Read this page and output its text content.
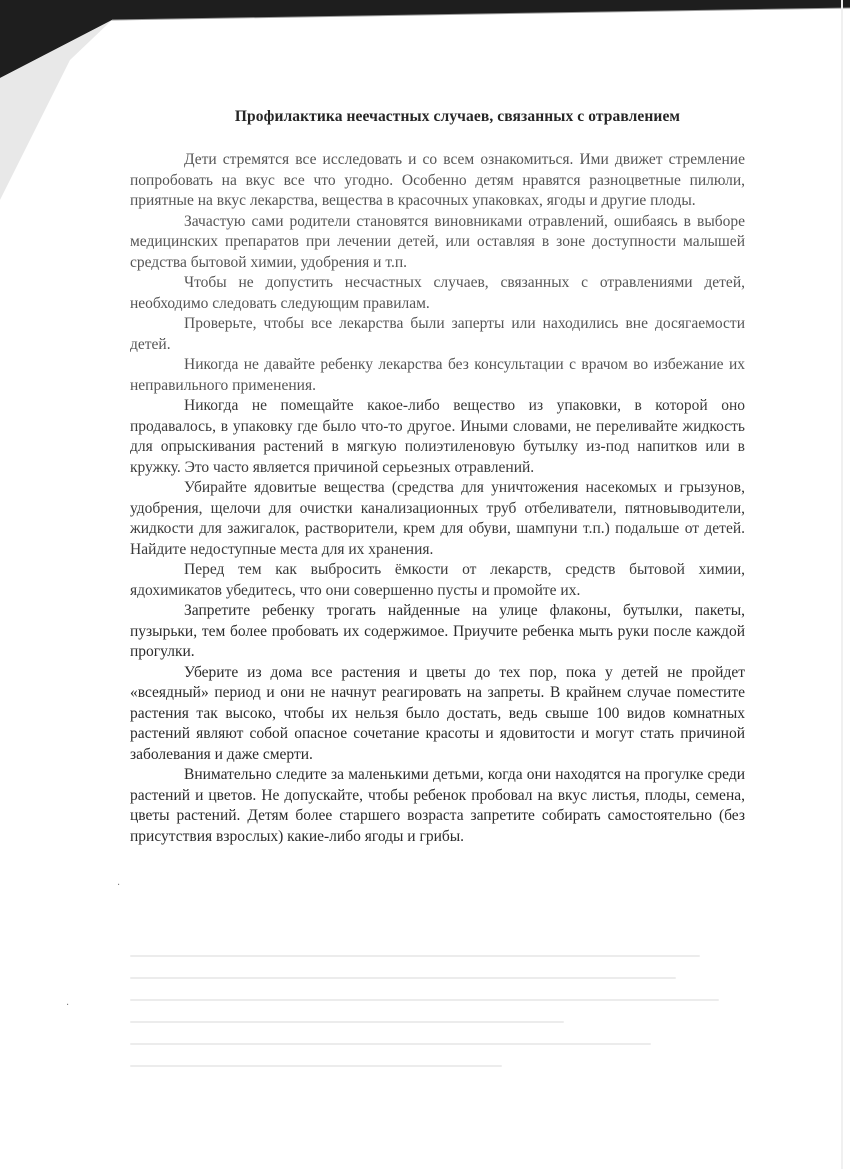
Профилактика неечастных случаев, связанных с отравлением

Дети стремятся все исследовать и со всем ознакомиться. Ими движет стремление попробовать на вкус все что угодно. Особенно детям нравятся разноцветные пилюли, приятные на вкус лекарства, вещества в красочных упаковках, ягоды и другие плоды.

Зачастую сами родители становятся виновниками отравлений, ошибаясь в выборе медицинских препаратов при лечении детей, или оставляя в зоне доступности малышей средства бытовой химии, удобрения и т.п.

Чтобы не допустить несчастных случаев, связанных с отравлениями детей, необходимо следовать следующим правилам.

Проверьте, чтобы все лекарства были заперты или находились вне досягаемости детей.

Никогда не давайте ребенку лекарства без консультации с врачом во избежание их неправильного применения.

Никогда не помещайте какое-либо вещество из упаковки, в которой оно продавалось, в упаковку где было что-то другое. Иными словами, не переливайте жидкость для опрыскивания растений в мягкую полиэтиленовую бутылку из-под напитков или в кружку. Это часто является причиной серьезных отравлений.

Убирайте ядовитые вещества (средства для уничтожения насекомых и грызунов, удобрения, щелочи для очистки канализационных труб отбеливатели, пятновыводители, жидкости для зажигалок, растворители, крем для обуви, шампуни т.п.) подальше от детей. Найдите недоступные места для их хранения.

Перед тем как выбросить ёмкости от лекарств, средств бытовой химии, ядохимикатов убедитесь, что они совершенно пусты и промойте их.

Запретите ребенку трогать найденные на улице флаконы, бутылки, пакеты, пузырьки, тем более пробовать их содержимое. Приучите ребенка мыть руки после каждой прогулки.

Уберите из дома все растения и цветы до тех пор, пока у детей не пройдет «всеядный» период и они не начнут реагировать на запреты. В крайнем случае поместите растения так высоко, чтобы их нельзя было достать, ведь свыше 100 видов комнатных растений являют собой опасное сочетание красоты и ядовитости и могут стать причиной заболевания и даже смерти.

Внимательно следите за маленькими детьми, когда они находятся на прогулке среди растений и цветов. Не допускайте, чтобы ребенок пробовал на вкус листья, плоды, семена, цветы растений. Детям более старшего возраста запретите собирать самостоятельно (без присутствия взрослых) какие-либо ягоды и грибы.

·
·
